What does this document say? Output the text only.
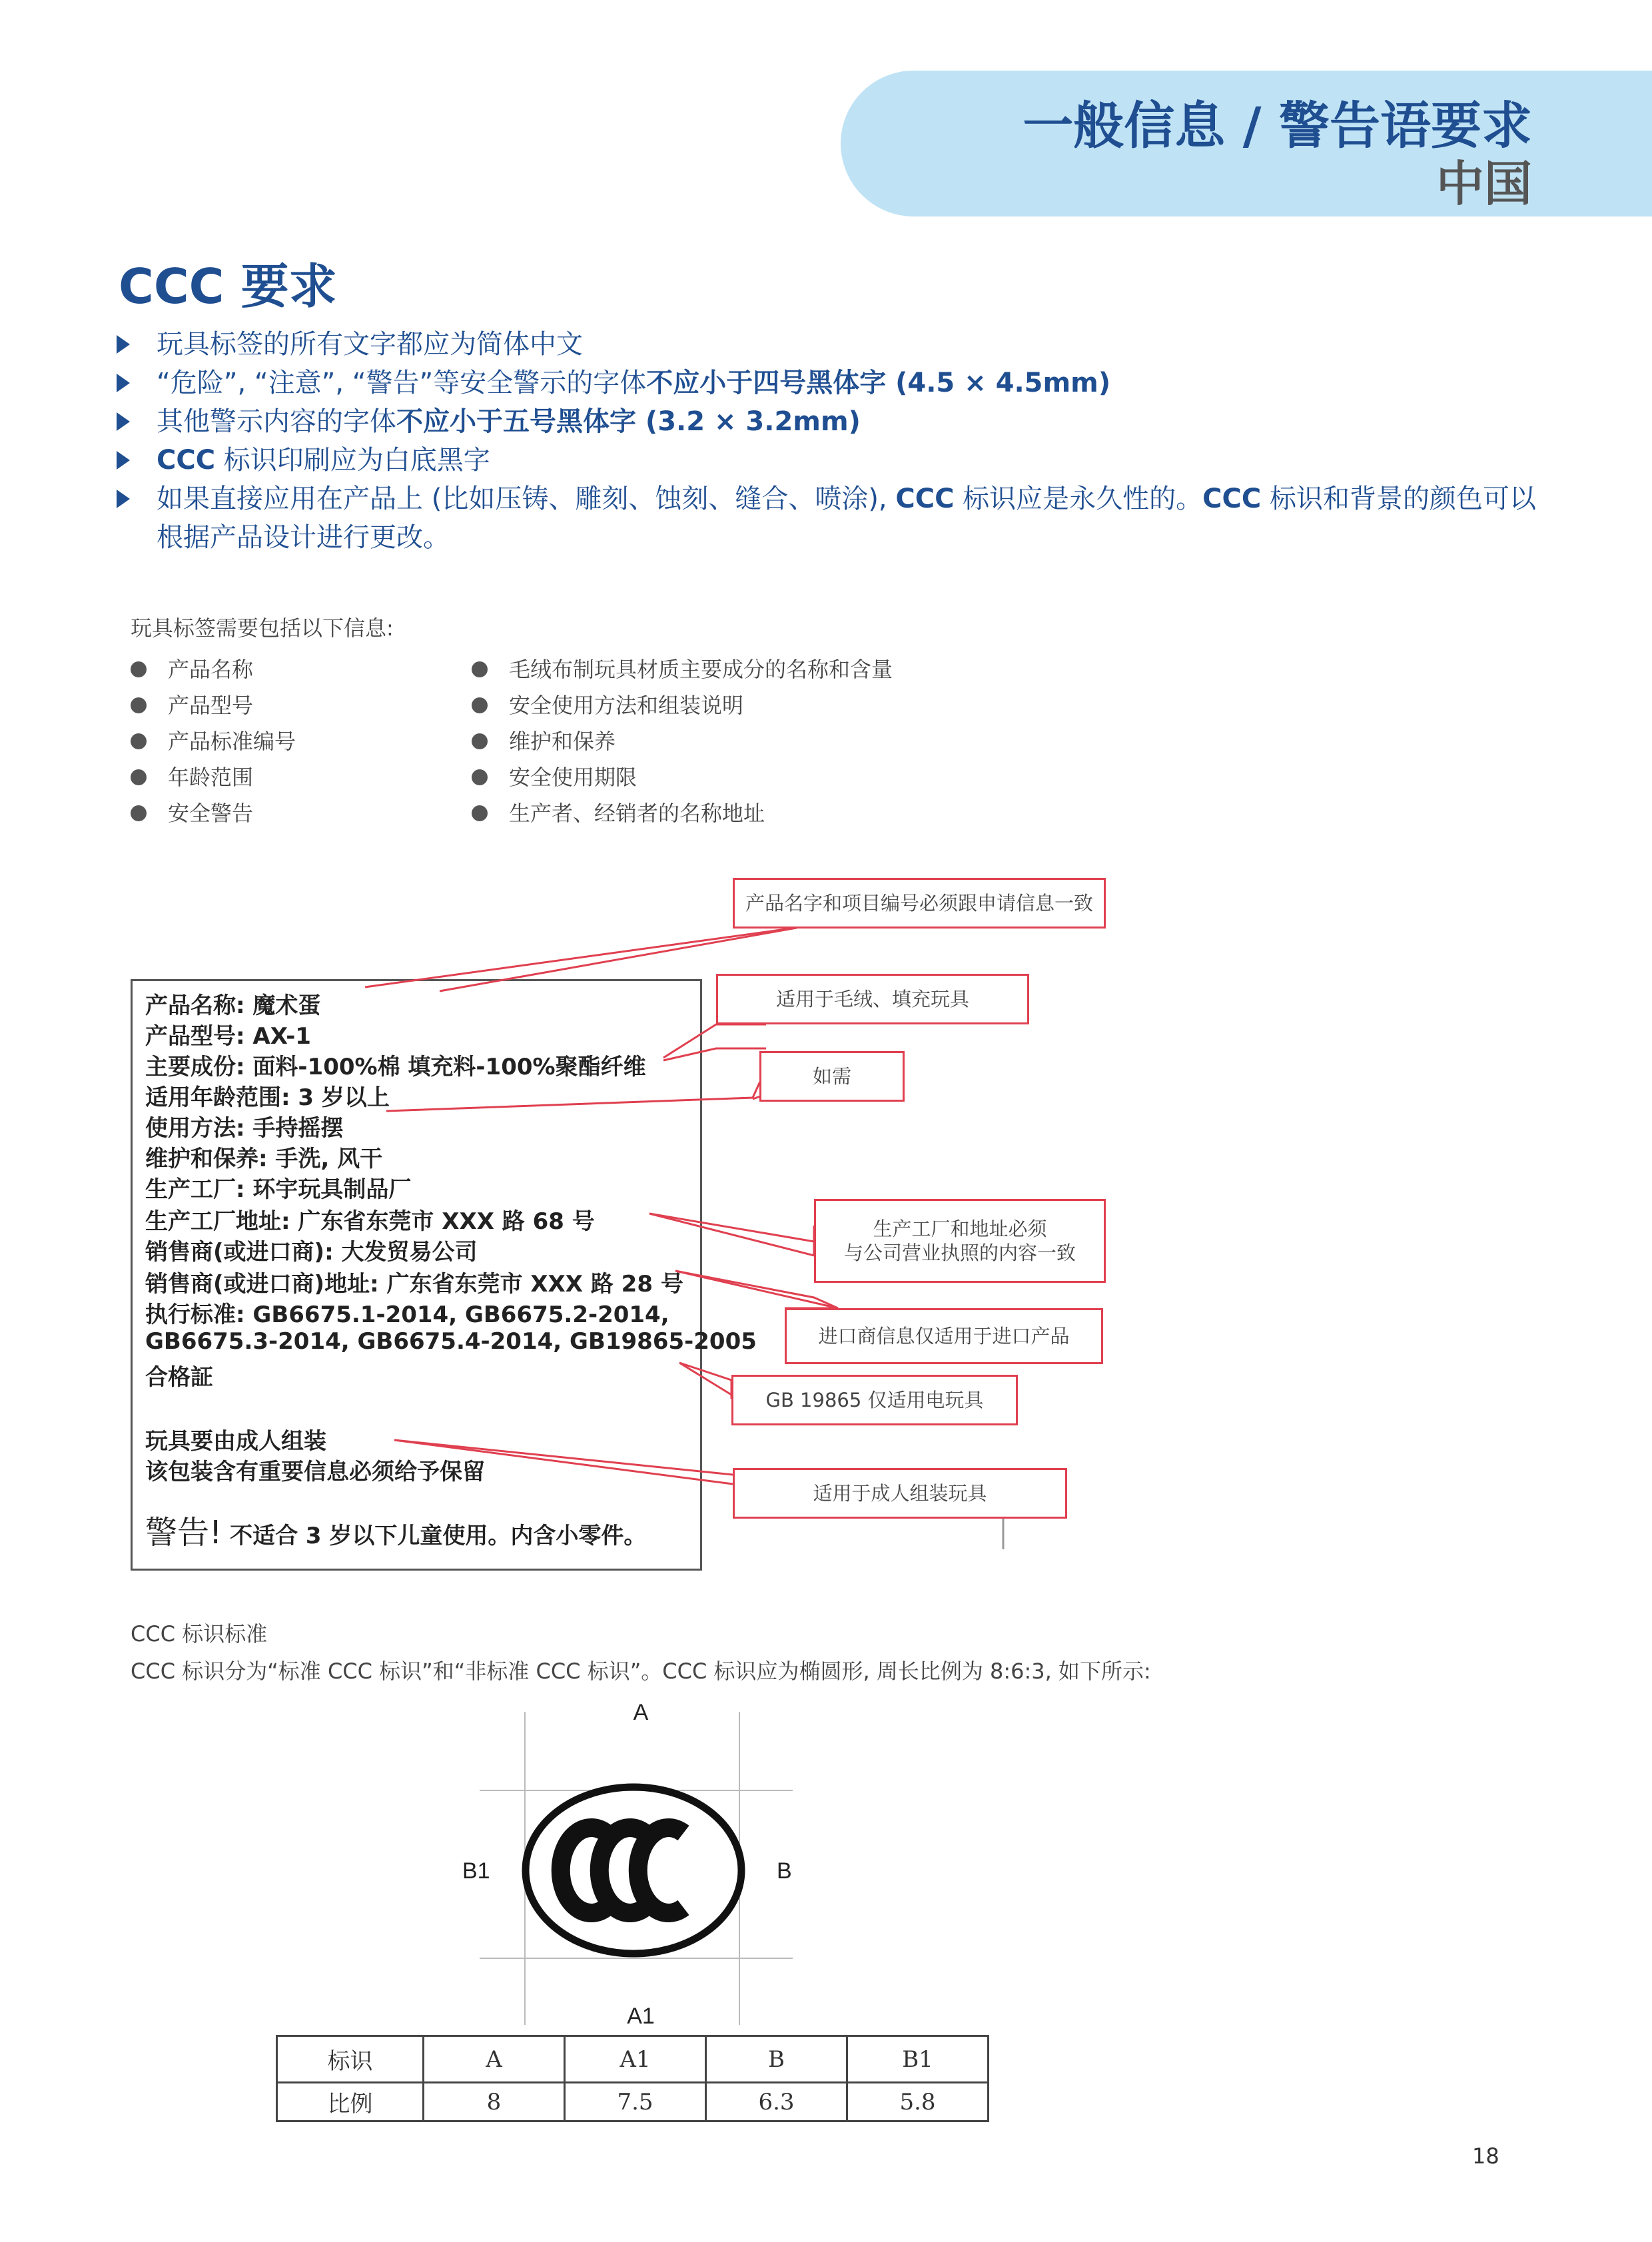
一般信息 / 警告语要求
中国
CCC 要求
玩具标签的所有文字都应为简体中文
“危险”, “注意”, “警告”等安全警示的字体不应小于四号黑体字 (4.5 × 4.5mm)
其他警示内容的字体不应小于五号黑体字 (3.2 × 3.2mm)
CCC 标识印刷应为白底黑字
如果直接应用在产品上 (比如压铸、雕刻、蚀刻、缝合、喷涂), CCC 标识应是永久性的。CCC 标识和背景的颜色可以根据产品设计进行更改。
玩具标签需要包括以下信息:
产品名称
产品型号
产品标准编号
年龄范围
安全警告
毛绒布制玩具材质主要成分的名称和含量
安全使用方法和组装说明
维护和保养
安全使用期限
生产者、经销者的名称地址
产品名称: 魔术蛋
产品型号: AX-1
主要成份: 面料-100%棉 填充料-100%聚酯纤维
适用年龄范围: 3 岁以上
使用方法: 手持摇摆
维护和保养: 手洗, 风干
生产工厂: 环宇玩具制品厂
生产工厂地址: 广东省东莞市 XXX 路 68 号
销售商(或进口商): 大发贸易公司
销售商(或进口商)地址: 广东省东莞市 XXX 路 28 号
执行标准: GB6675.1-2014, GB6675.2-2014,
GB6675.3-2014, GB6675.4-2014, GB19865-2005
合格証
玩具要由成人组装
该包装含有重要信息必须给予保留
警告! 不适合 3 岁以下儿童使用。内含小零件。
产品名字和项目编号必须跟申请信息一致
适用于毛绒、填充玩具
如需
生产工厂和地址必须
与公司营业执照的内容一致
进口商信息仅适用于进口产品
GB 19865 仅适用电玩具
适用于成人组装玩具
CCC 标识标准
CCC 标识分为“标准 CCC 标识”和“非标准 CCC 标识”。CCC 标识应为椭圆形, 周长比例为 8:6:3, 如下所示:
A
A1
B1	B
标识	A	A1	B	B1
比例	8	7.5	6.3	5.8
18
